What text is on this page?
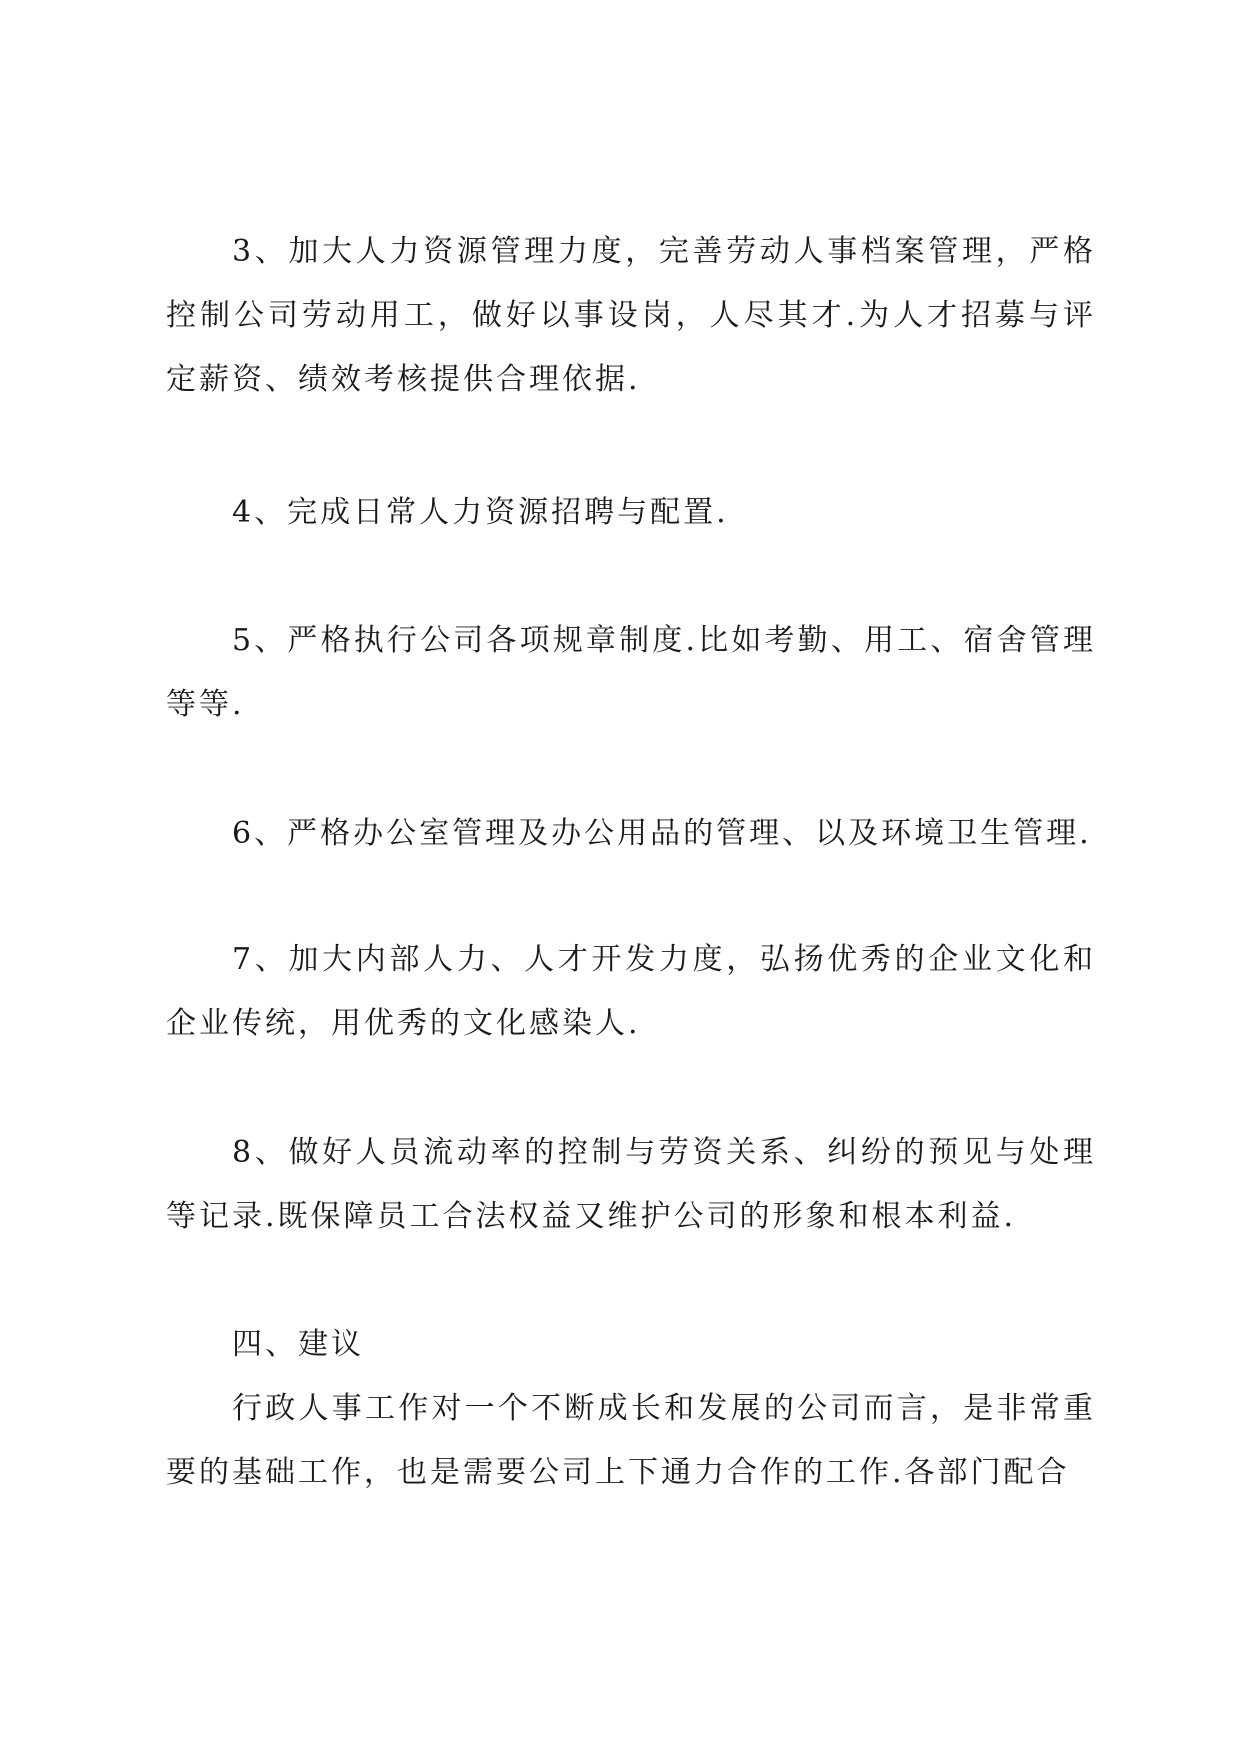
3、加大人力资源管理力度，完善劳动人事档案管理，严格控制公司劳动用工，做好以事设岗，人尽其才.为人才招募与评定薪资、绩效考核提供合理依据.

4、完成日常人力资源招聘与配置.

5、严格执行公司各项规章制度.比如考勤、用工、宿舍管理等等.

6、严格办公室管理及办公用品的管理、以及环境卫生管理.

7、加大内部人力、人才开发力度，弘扬优秀的企业文化和企业传统，用优秀的文化感染人.

8、做好人员流动率的控制与劳资关系、纠纷的预见与处理等记录.既保障员工合法权益又维护公司的形象和根本利益.

四、建议

行政人事工作对一个不断成长和发展的公司而言，是非常重要的基础工作，也是需要公司上下通力合作的工作.各部门配合
